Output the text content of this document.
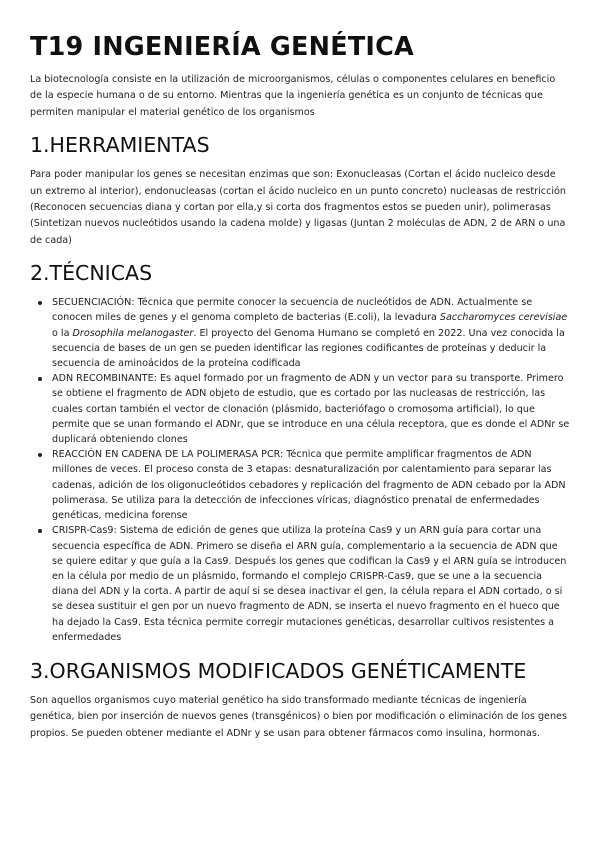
T19 INGENIERÍA GENÉTICA

La biotecnología consiste en la utilización de microorganismos, células o componentes celulares en beneficio de la especie humana o de su entorno. Mientras que la ingeniería genética es un conjunto de técnicas que permiten manipular el material genético de los organismos

1.HERRAMIENTAS

Para poder manipular los genes se necesitan enzimas que son: Exonucleasas (Cortan el ácido nucleico desde un extremo al interior), endonucleasas (cortan el ácido nucleico en un punto concreto) nucleasas de restricción (Reconocen secuencias diana y cortan por ella,y si corta dos fragmentos estos se pueden unir), polimerasas (Sintetizan nuevos nucleótidos usando la cadena molde) y ligasas (Juntan 2 moléculas de ADN, 2 de ARN o una de cada)

2.TÉCNICAS
SECUENCIACIÓN: Técnica que permite conocer la secuencia de nucleótidos de ADN. Actualmente se conocen miles de genes y el genoma completo de bacterias (E.coli), la levadura Saccharomyces cerevisiae o la Drosophila melanogaster. El proyecto del Genoma Humano se completó en 2022. Una vez conocida la secuencia de bases de un gen se pueden identificar las regiones codificantes de proteínas y deducir la secuencia de aminoácidos de la proteína codificada
ADN RECOMBINANTE: Es aquel formado por un fragmento de ADN y un vector para su transporte. Primero se obtiene el fragmento de ADN objeto de estudio, que es cortado por las nucleasas de restricción, las cuales cortan también el vector de clonación (plásmido, bacteriófago o cromosoma artificial), lo que permite que se unan formando el ADNr, que se introduce en una célula receptora, que es donde el ADNr se duplicará obteniendo clones
REACCIÓN EN CADENA DE LA POLIMERASA PCR: Técnica que permite amplificar fragmentos de ADN millones de veces. El proceso consta de 3 etapas: desnaturalización por calentamiento para separar las cadenas, adición de los oligonucleótidos cebadores y replicación del fragmento de ADN cebado por la ADN polimerasa. Se utiliza para la detección de infecciones víricas, diagnóstico prenatal de enfermedades genéticas, medicina forense
CRISPR-Cas9: Sistema de edición de genes que utiliza la proteína Cas9 y un ARN guía para cortar una secuencia específica de ADN. Primero se diseña el ARN guía, complementario a la secuencia de ADN que se quiere editar y que guía a la Cas9. Después los genes que codifican la Cas9 y el ARN guía se introducen en la célula por medio de un plásmido, formando el complejo CRISPR-Cas9, que se une a la secuencia diana del ADN y la corta. A partir de aquí si se desea inactivar el gen, la célula repara el ADN cortado, o si se desea sustituir el gen por un nuevo fragmento de ADN, se inserta el nuevo fragmento en el hueco que ha dejado la Cas9. Esta técnica permite corregir mutaciones genéticas, desarrollar cultivos resistentes a enfermedades
3.ORGANISMOS MODIFICADOS GENÉTICAMENTE

Son aquellos organismos cuyo material genético ha sido transformado mediante técnicas de ingeniería genética, bien por inserción de nuevos genes (transgénicos) o bien por modificación o eliminación de los genes propios. Se pueden obtener mediante el ADNr y se usan para obtener fármacos como insulina, hormonas.
